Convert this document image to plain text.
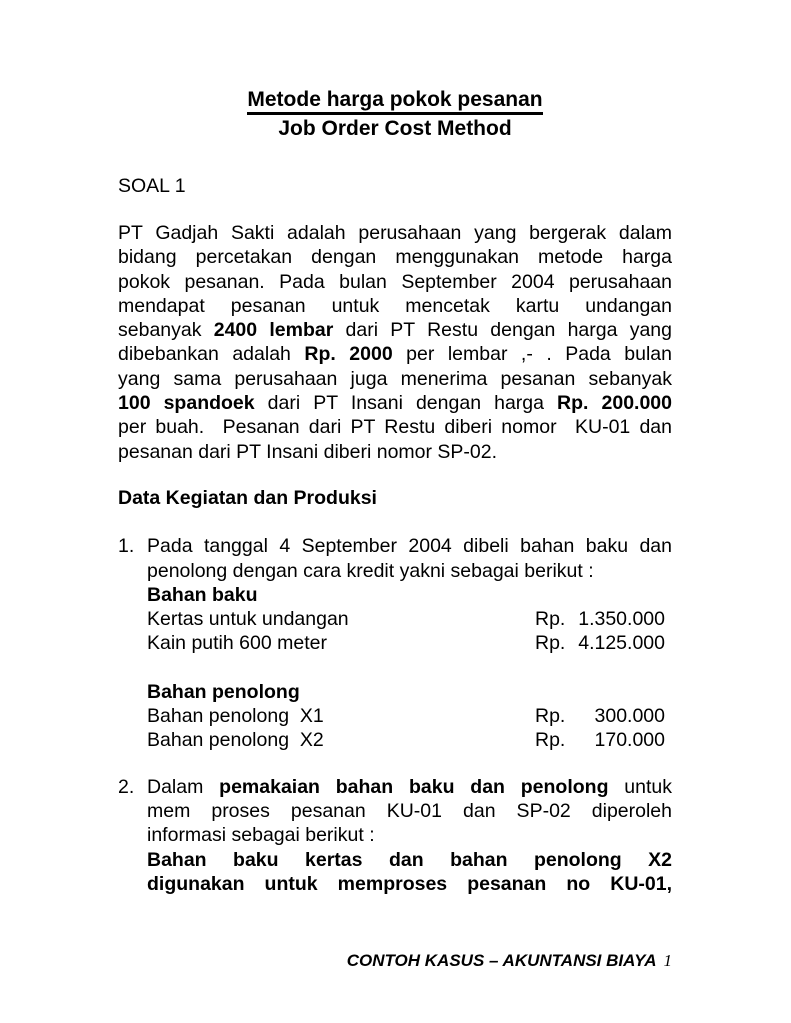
Metode harga pokok pesanan
Job Order Cost Method
SOAL 1
PT Gadjah Sakti adalah perusahaan yang bergerak dalam
bidang percetakan dengan menggunakan metode harga
pokok pesanan. Pada bulan September 2004 perusahaan
mendapat pesanan untuk mencetak kartu undangan
sebanyak 2400 lembar dari PT Restu dengan harga yang
dibebankan adalah Rp. 2000 per lembar ,- . Pada bulan
yang sama perusahaan juga menerima pesanan sebanyak
100 spandoek dari PT Insani dengan harga Rp. 200.000
per buah.  Pesanan dari PT Restu diberi nomor  KU-01 dan
pesanan dari PT Insani diberi nomor SP-02.
Data Kegiatan dan Produksi
1. Pada tanggal 4 September 2004 dibeli bahan baku dan
penolong dengan cara kredit yakni sebagai berikut :
Bahan baku
Kertas untuk undangan	Rp. 1.350.000
Kain putih 600 meter	Rp. 4.125.000
Bahan penolong
Bahan penolong  X1	Rp. 300.000
Bahan penolong  X2	Rp. 170.000
2. Dalam pemakaian bahan baku dan penolong untuk
mem proses pesanan KU-01 dan SP-02 diperoleh
informasi sebagai berikut :
Bahan baku kertas dan bahan penolong X2
digunakan untuk memproses pesanan no KU-01,
CONTOH KASUS – AKUNTANSI BIAYA 1
